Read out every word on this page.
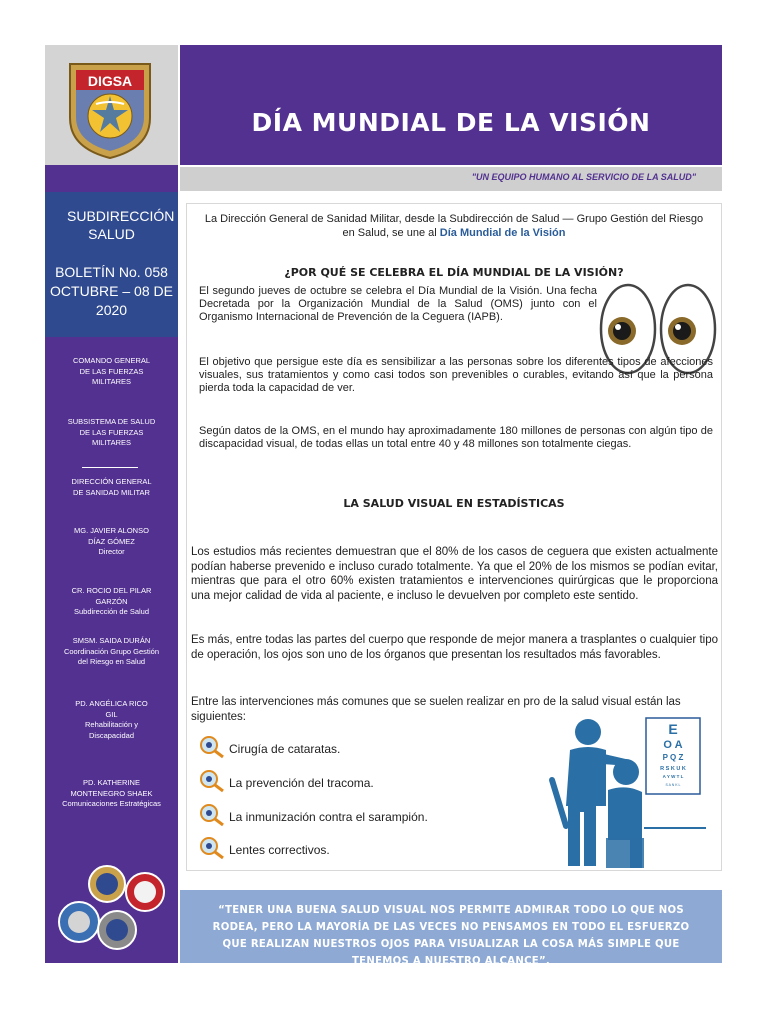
DIGSA
DÍA MUNDIAL DE LA VISIÓN
"UN EQUIPO HUMANO AL SERVICIO DE LA SALUD"
SUBDIRECCIÓN SALUD
BOLETÍN No. 058
OCTUBRE – 08 DE 2020
COMANDO GENERAL DE LAS FUERZAS MILITARES
SUBSISTEMA DE SALUD DE LAS FUERZAS MILITARES
DIRECCIÓN GENERAL DE SANIDAD MILITAR
MG. JAVIER ALONSO DÍAZ GÓMEZ
Director
CR. ROCIO DEL PILAR GARZÓN
Subdirección de Salud
SMSM. SAIDA DURÁN
Coordinación Grupo Gestión del Riesgo en Salud
PD. ANGÉLICA RICO GIL
Rehabilitación y Discapacidad
PD. KATHERINE MONTENEGRO SHAEK
Comunicaciones Estratégicas
La Dirección General de Sanidad Militar, desde la Subdirección de Salud — Grupo Gestión del Riesgo en Salud, se une al Día Mundial de la Visión
¿POR QUÉ SE CELEBRA EL DÍA MUNDIAL DE LA VISIÓN?
El segundo jueves de octubre se celebra el Día Mundial de la Visión. Una fecha Decretada por la Organización Mundial de la Salud (OMS) junto con el Organismo Internacional de Prevención de la Ceguera (IAPB).
El objetivo que persigue este día es sensibilizar a las personas sobre los diferentes tipos de afecciones visuales, sus tratamientos y como casi todos son prevenibles o curables, evitando así que la persona pierda toda la capacidad de ver.
Según datos de la OMS, en el mundo hay aproximadamente 180 millones de personas con algún tipo de discapacidad visual, de todas ellas un total entre 40 y 48 millones son totalmente ciegas.
LA SALUD VISUAL EN ESTADÍSTICAS
Los estudios más recientes demuestran que el 80% de los casos de ceguera que existen actualmente podían haberse prevenido e incluso curado totalmente. Ya que el 20% de los mismos se podían evitar, mientras que para el otro 60% existen tratamientos e intervenciones quirúrgicas que le proporciona una mejor calidad de vida al paciente, e incluso le devuelven por completo este sentido.
Es más, entre todas las partes del cuerpo que responde de mejor manera a trasplantes o cualquier tipo de operación, los ojos son uno de los órganos que presentan los resultados más favorables.
Entre las intervenciones más comunes que se suelen realizar en pro de la salud visual están las siguientes:
Cirugía de cataratas.
La prevención del tracoma.
La inmunización contra el sarampión.
Lentes correctivos.
E
O A
P Q Z
R S K U K
A Y W T L
S A N K L
“TENER UNA BUENA SALUD VISUAL NOS PERMITE ADMIRAR TODO LO QUE NOS RODEA, PERO LA MAYORÍA DE LAS VECES NO PENSAMOS EN TODO EL ESFUERZO QUE REALIZAN NUESTROS OJOS PARA VISUALIZAR LA COSA MÁS SIMPLE QUE TENEMOS A NUESTRO ALCANCE”.
